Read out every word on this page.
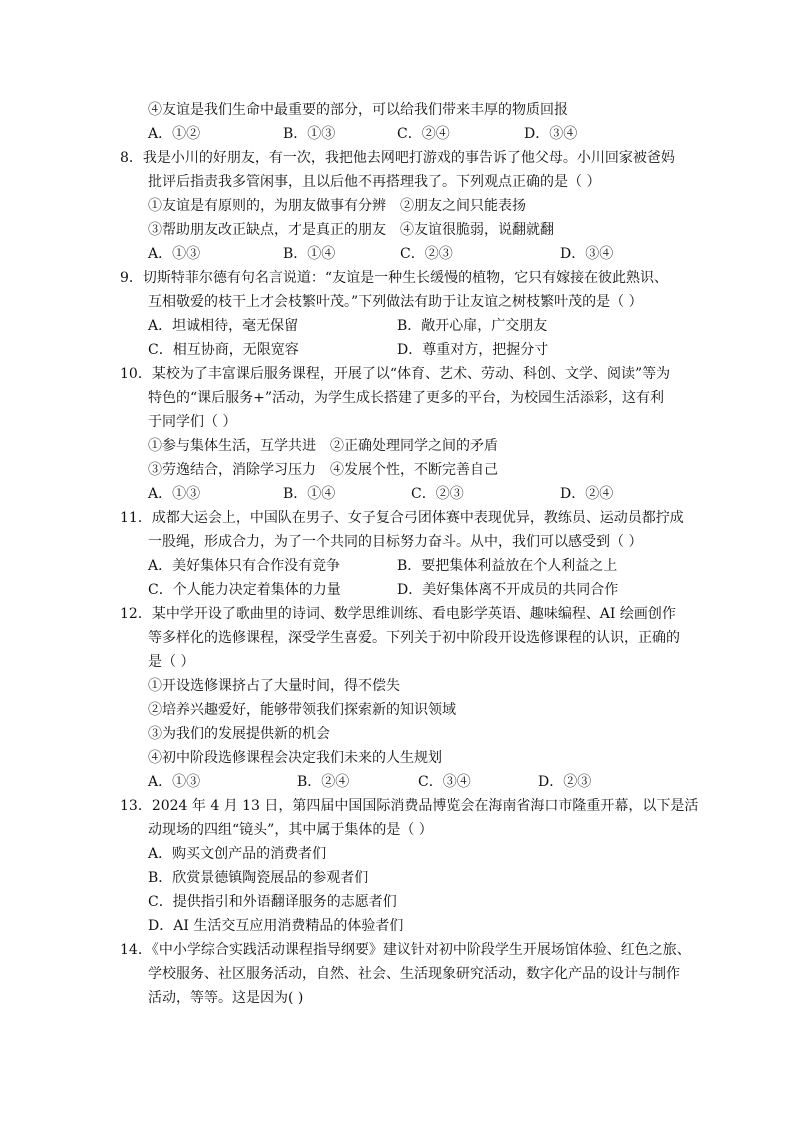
④友谊是我们生命中最重要的部分，可以给我们带来丰厚的物质回报
A．①②	B．①③	C．②④	D．③④
8．我是小川的好朋友，有一次，我把他去网吧打游戏的事告诉了他父母。小川回家被爸妈
批评后指责我多管闲事，且以后他不再搭理我了。下列观点正确的是（ ）
①友谊是有原则的，为朋友做事有分辨　②朋友之间只能表扬
③帮助朋友改正缺点，才是真正的朋友　④友谊很脆弱，说翻就翻
A．①③	B．①④	C．②③	D．③④
9．切斯特菲尔德有句名言说道：“友谊是一种生长缓慢的植物，它只有嫁接在彼此熟识、
互相敬爱的枝干上才会枝繁叶茂。”下列做法有助于让友谊之树枝繁叶茂的是（ ）
A．坦诚相待，毫无保留	B．敞开心扉，广交朋友
C．相互协商，无限宽容	D．尊重对方，把握分寸
10．某校为了丰富课后服务课程，开展了以“体育、艺术、劳动、科创、文学、阅读”等为
特色的“课后服务+”活动，为学生成长搭建了更多的平台，为校园生活添彩，这有利
于同学们（ ）
①参与集体生活，互学共进　②正确处理同学之间的矛盾
③劳逸结合，消除学习压力　④发展个性，不断完善自己
A．①③	B．①④	C．②③	D．②④
11．成都大运会上，中国队在男子、女子复合弓团体赛中表现优异，教练员、运动员都拧成
一股绳，形成合力，为了一个共同的目标努力奋斗。从中，我们可以感受到（ ）
A．美好集体只有合作没有竞争	B．要把集体利益放在个人利益之上
C．个人能力决定着集体的力量	D．美好集体离不开成员的共同合作
12．某中学开设了歌曲里的诗词、数学思维训练、看电影学英语、趣味编程、AI 绘画创作
等多样化的选修课程，深受学生喜爱。下列关于初中阶段开设选修课程的认识，正确的
是（ ）
①开设选修课挤占了大量时间，得不偿失
②培养兴趣爱好，能够带领我们探索新的知识领域
③为我们的发展提供新的机会
④初中阶段选修课程会决定我们未来的人生规划
A．①③	B．②④	C．③④	D．②③
13．2024 年 4 月 13 日，第四届中国国际消费品博览会在海南省海口市隆重开幕，以下是活
动现场的四组“镜头”，其中属于集体的是（ ）
A．购买文创产品的消费者们
B．欣赏景德镇陶瓷展品的参观者们
C．提供指引和外语翻译服务的志愿者们
D．AI 生活交互应用消费精品的体验者们
14．《中小学综合实践活动课程指导纲要》建议针对初中阶段学生开展场馆体验、红色之旅、
学校服务、社区服务活动，自然、社会、生活现象研究活动，数字化产品的设计与制作
活动，等等。这是因为( )
